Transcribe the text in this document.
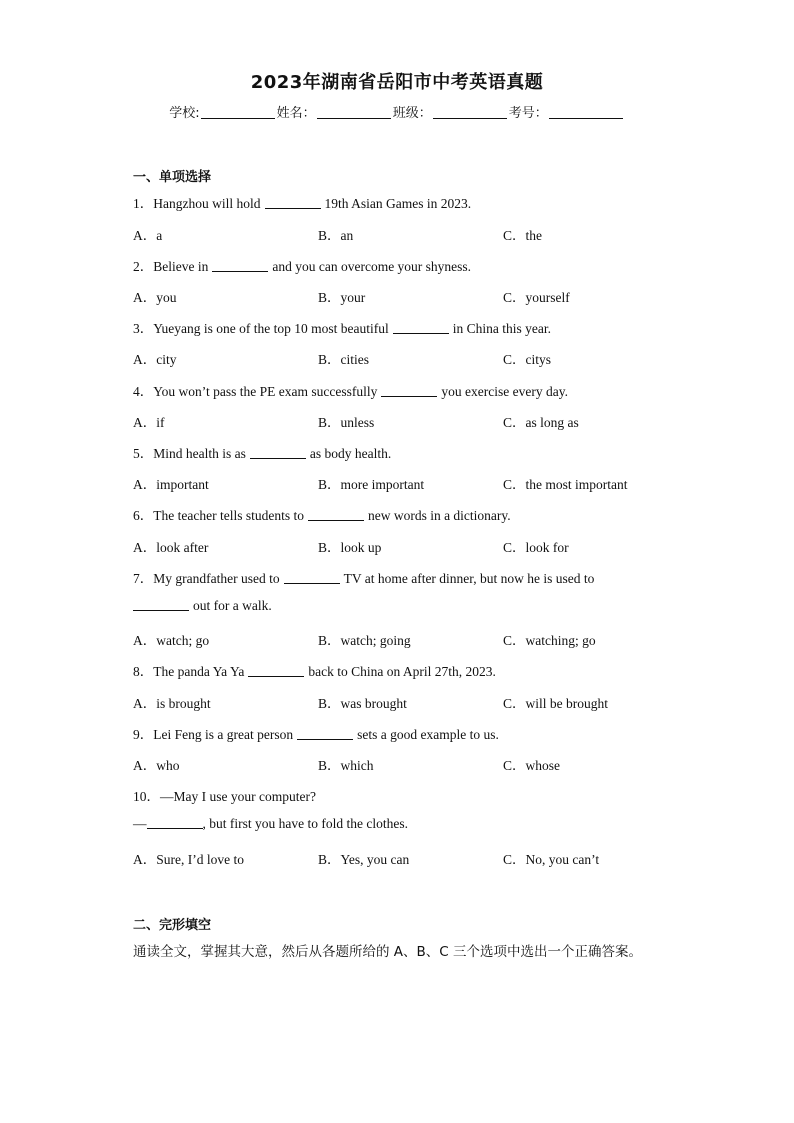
2023年湖南省岳阳市中考英语真题
学校:	姓名：	班级：	考号：
一、单项选择
1．Hangzhou will hold	19th Asian Games in 2023.
A．a	B．an	C．the
2．Believe in	and you can overcome your shyness.
A．you	B．your	C．yourself
3．Yueyang is one of the top 10 most beautiful	in China this year.
A．city	B．cities	C．citys
4．You won’t pass the PE exam successfully	you exercise every day.
A．if	B．unless	C．as long as
5．Mind health is as	as body health.
A．important	B．more important	C．the most important
6．The teacher tells students to	new words in a dictionary.
A．look after	B．look up	C．look for
7．My grandfather used to	TV at home after dinner, but now he is used to
out for a walk.
A．watch; go	B．watch; going	C．watching; go
8．The panda Ya Ya	back to China on April 27th, 2023.
A．is brought	B．was brought	C．will be brought
9．Lei Feng is a great person	sets a good example to us.
A．who	B．which	C．whose
10．—May I use your computer?
—	, but first you have to fold the clothes.
A．Sure, I’d love to	B．Yes, you can	C．No, you can’t
二、完形填空
通读全文，掌握其大意，然后从各题所给的 A、B、C 三个选项中选出一个正确答案。
